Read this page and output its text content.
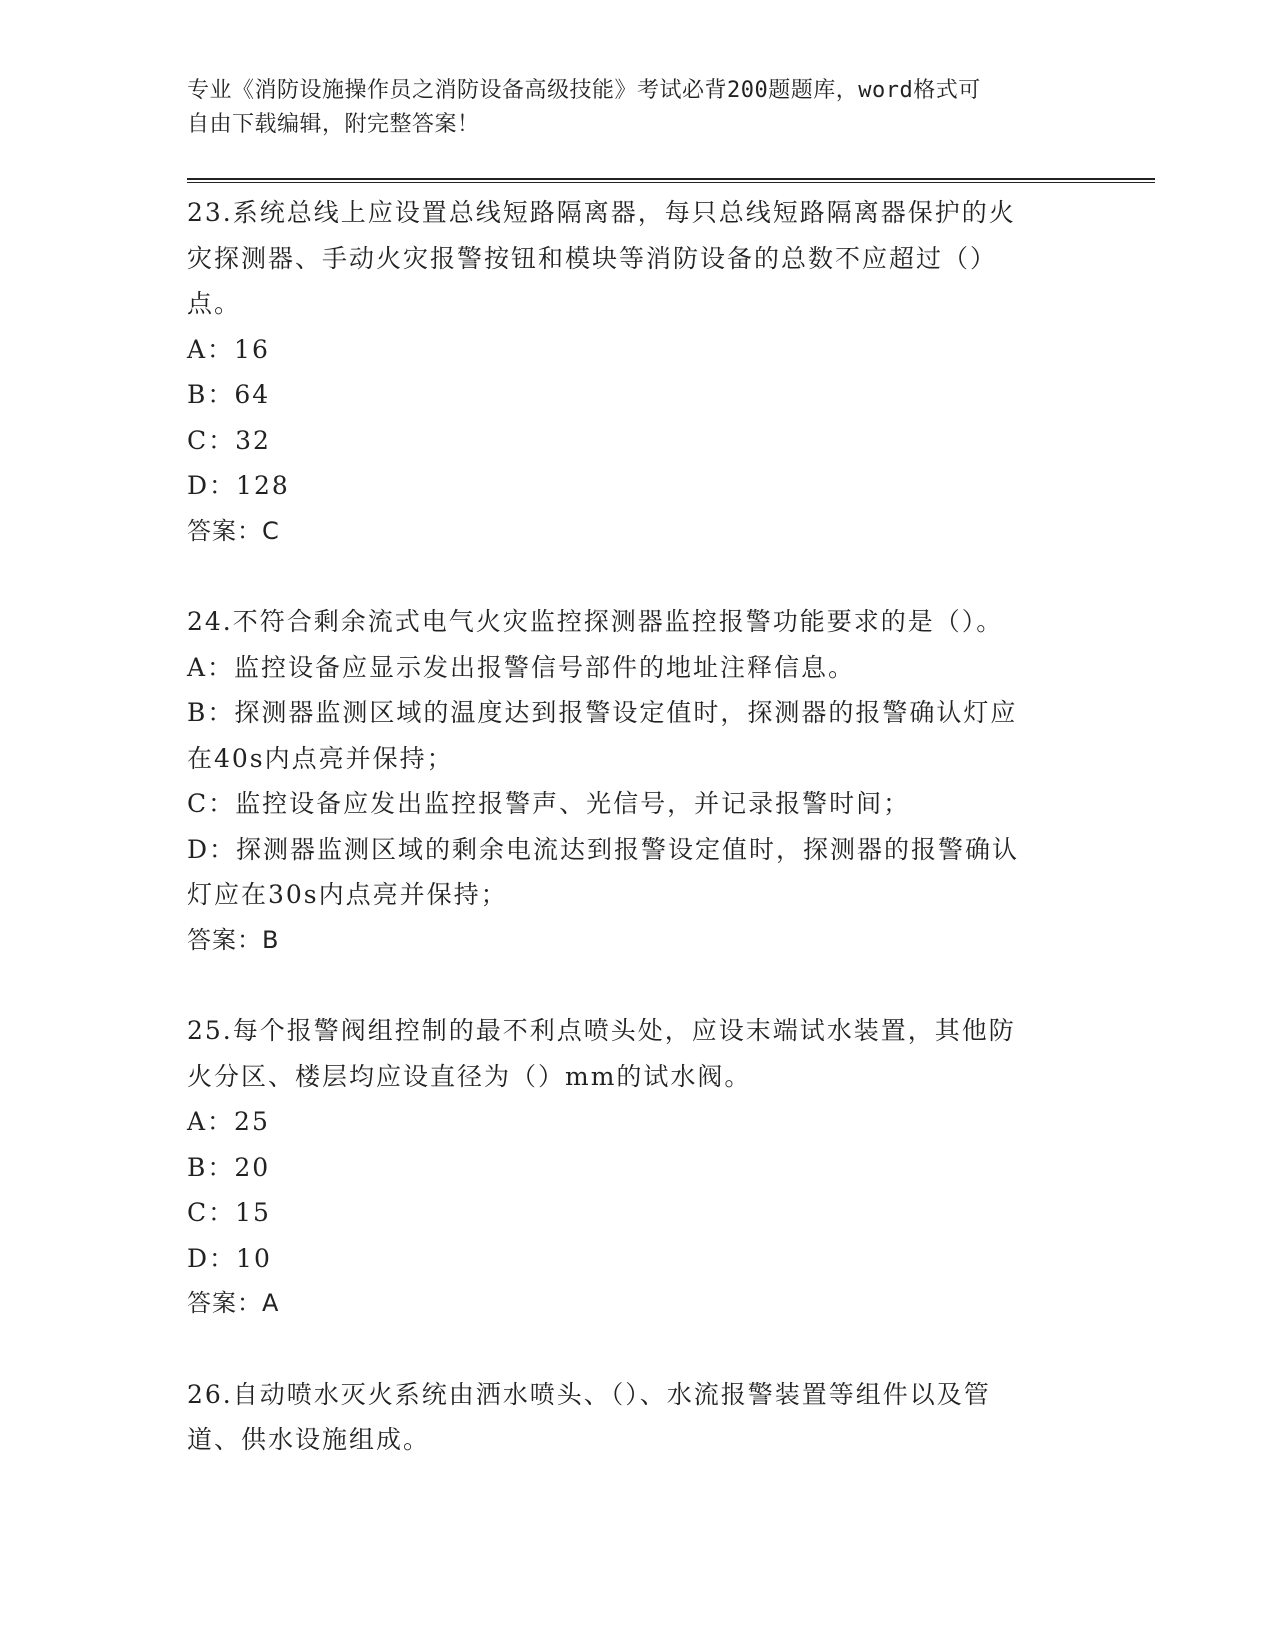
专业《消防设施操作员之消防设备高级技能》考试必背200题题库，word格式可
自由下载编辑，附完整答案！
23.系统总线上应设置总线短路隔离器，每只总线短路隔离器保护的火
灾探测器、手动火灾报警按钮和模块等消防设备的总数不应超过（）
点。
A：16
B：64
C：32
D：128
答案：C
24.不符合剩余流式电气火灾监控探测器监控报警功能要求的是（）。
A：监控设备应显示发出报警信号部件的地址注释信息。
B：探测器监测区域的温度达到报警设定值时，探测器的报警确认灯应
在40s内点亮并保持；
C：监控设备应发出监控报警声、光信号，并记录报警时间；
D：探测器监测区域的剩余电流达到报警设定值时，探测器的报警确认
灯应在30s内点亮并保持；
答案：B
25.每个报警阀组控制的最不利点喷头处，应设末端试水装置，其他防
火分区、楼层均应设直径为（）mm的试水阀。
A：25
B：20
C：15
D：10
答案：A
26.自动喷水灭火系统由洒水喷头、（）、水流报警装置等组件以及管
道、供水设施组成。
